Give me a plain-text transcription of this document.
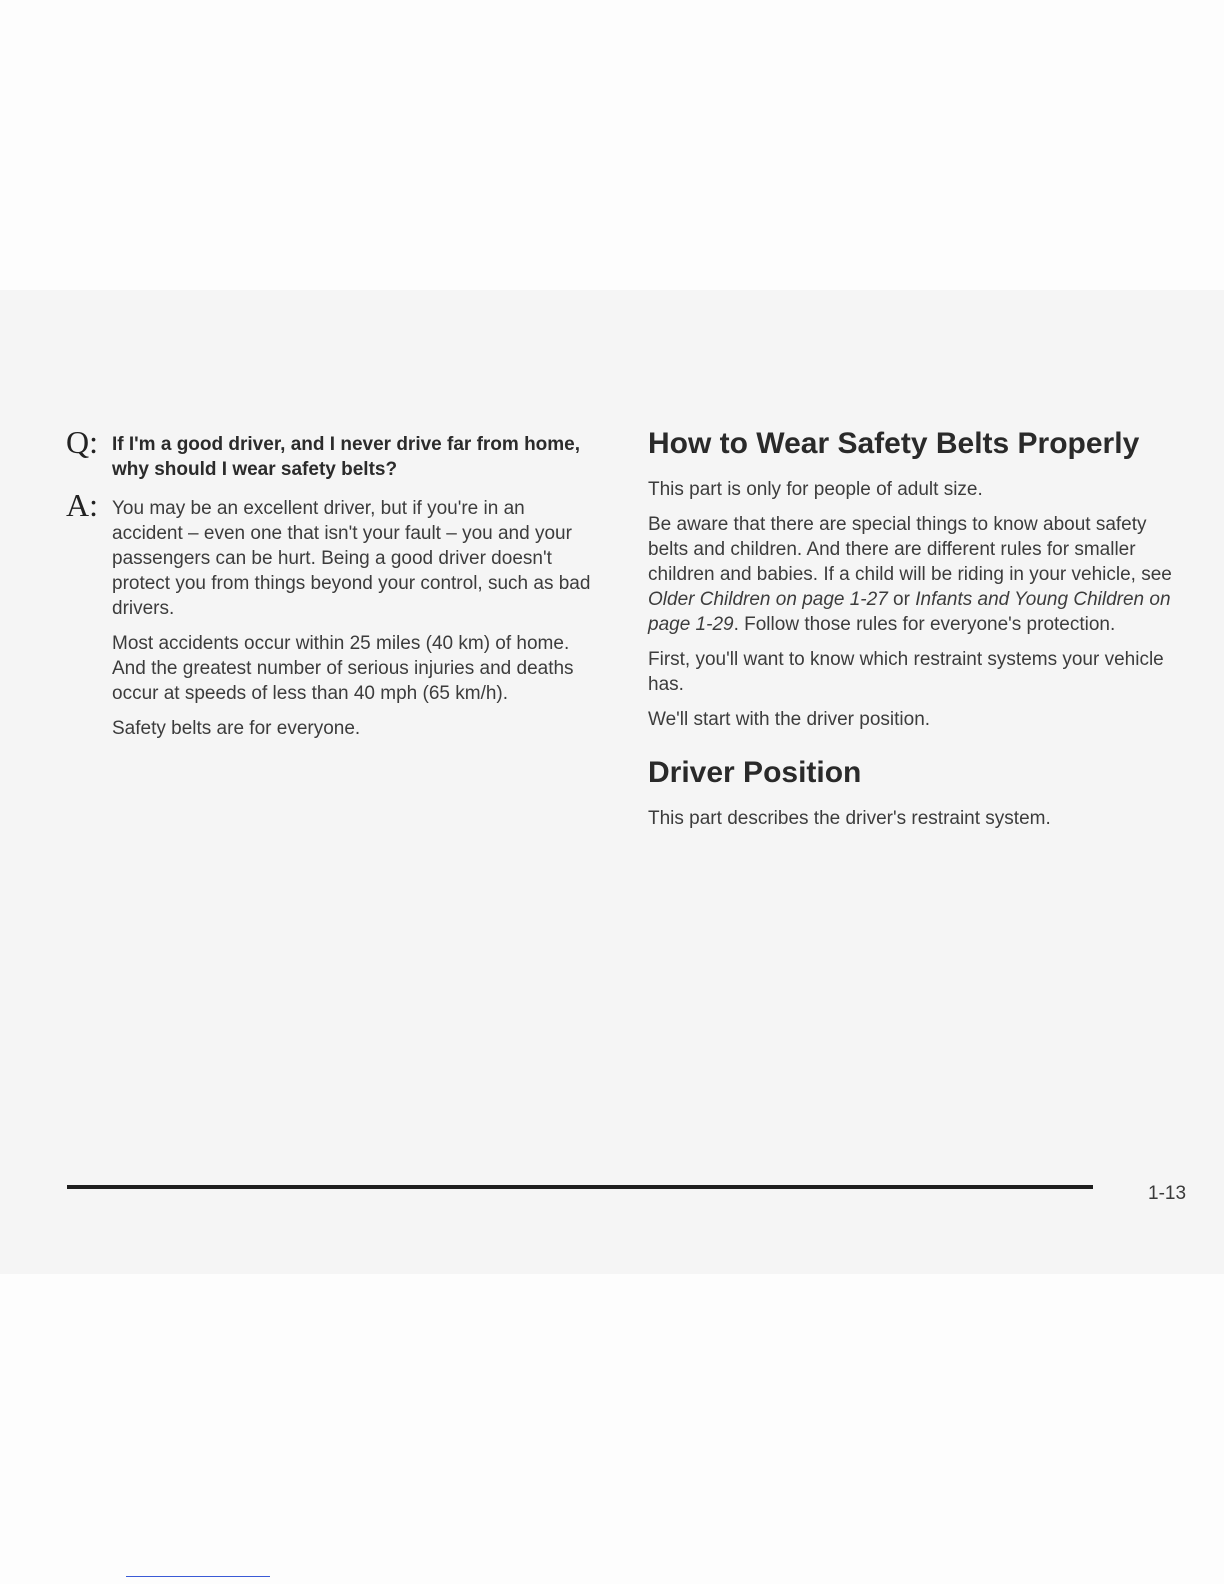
Q: If I'm a good driver, and I never drive far from home, why should I wear safety belts?
A: You may be an excellent driver, but if you're in an accident – even one that isn't your fault – you and your passengers can be hurt. Being a good driver doesn't protect you from things beyond your control, such as bad drivers.

Most accidents occur within 25 miles (40 km) of home. And the greatest number of serious injuries and deaths occur at speeds of less than 40 mph (65 km/h).

Safety belts are for everyone.

How to Wear Safety Belts Properly

This part is only for people of adult size.

Be aware that there are special things to know about safety belts and children. And there are different rules for smaller children and babies. If a child will be riding in your vehicle, see Older Children on page 1-27 or Infants and Young Children on page 1-29. Follow those rules for everyone's protection.

First, you'll want to know which restraint systems your vehicle has.

We'll start with the driver position.

Driver Position

This part describes the driver's restraint system.

1-13
